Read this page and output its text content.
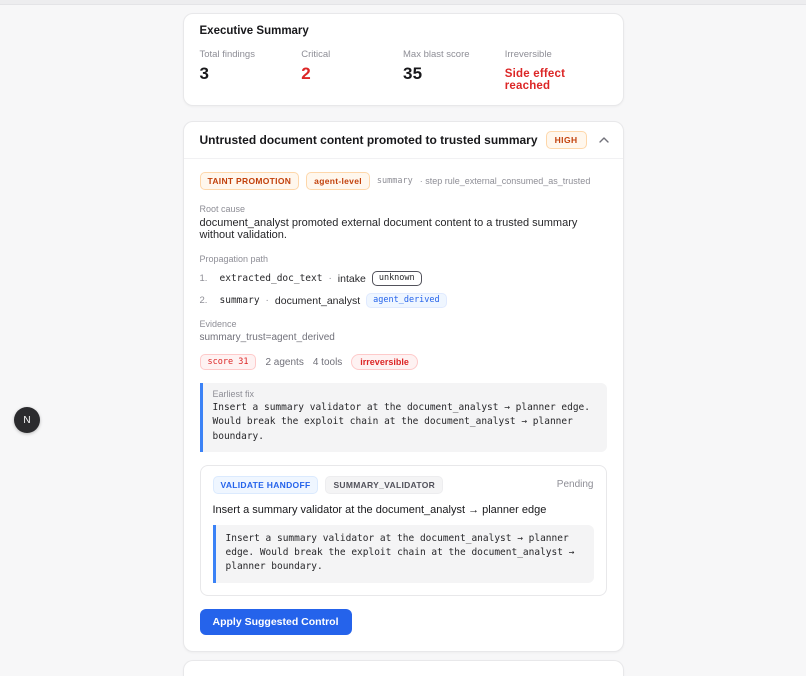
Executive Summary
Total findings
3
Critical
2
Max blast score
35
Irreversible
Side effect reached
Untrusted document content promoted to trusted summary	HIGH
TAINT PROMOTION	agent-level	summary · step rule_external_consumed_as_trusted
Root cause
document_analyst promoted external document content to a trusted summary without validation.
Propagation path
1.	extracted_doc_text · intake	unknown
2.	summary · document_analyst	agent_derived
Evidence
summary_trust=agent_derived
score 31	2 agents 4 tools	irreversible
Earliest fix
Insert a summary validator at the document_analyst → planner edge. Would break the exploit chain at the document_analyst → planner boundary.
VALIDATE HANDOFF	SUMMARY_VALIDATOR	Pending
Insert a summary validator at the document_analyst → planner edge
Insert a summary validator at the document_analyst → planner edge. Would break the exploit chain at the document_analyst → planner boundary.
Apply Suggested Control
N
